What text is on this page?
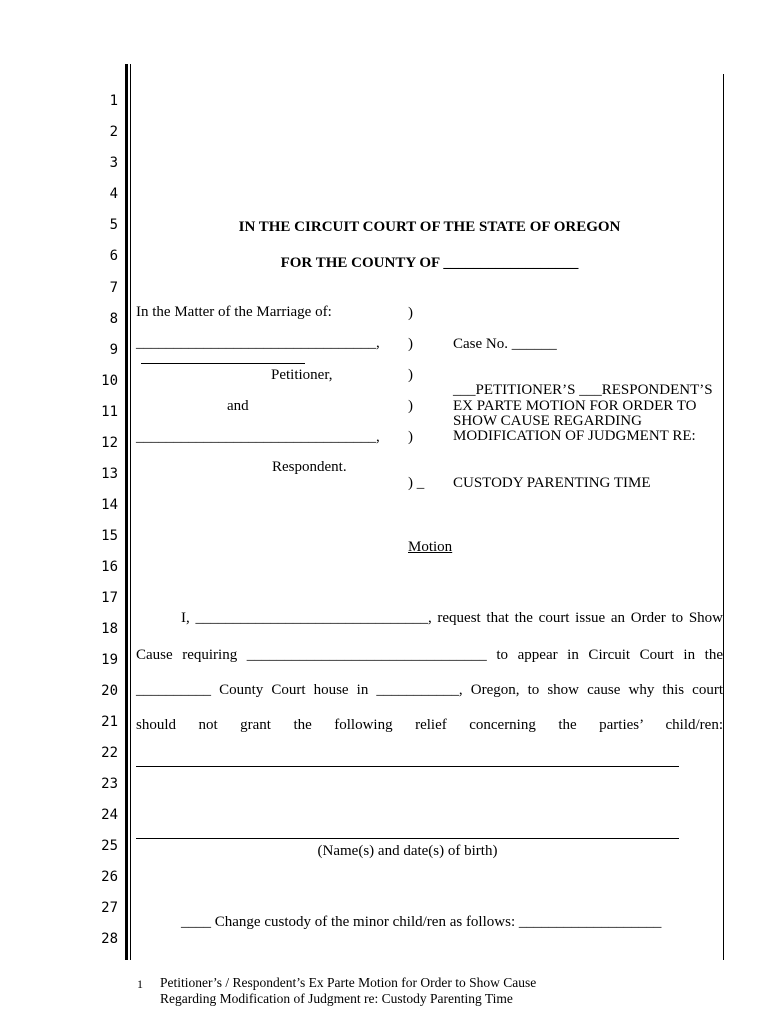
1
2
3
4
5
6
7
8
9
10
11
12
13
14
15
16
17
18
19
20
21
22
23
24
25
26
27
28
IN THE CIRCUIT COURT OF THE STATE OF OREGON
FOR THE COUNTY OF __________________
In the Matter of the Marriage of:
________________________________,
Petitioner,
and
________________________________,
Respondent.
)
)
)
)
)
) _
Case No. ______
___PETITIONER’S ___RESPONDENT’S
EX PARTE MOTION FOR ORDER TO
SHOW CAUSE REGARDING
MODIFICATION OF JUDGMENT RE:
CUSTODY PARENTING TIME
Motion
I, _______________________________, request that the court issue an Order to Show
Cause requiring ________________________________ to appear in Circuit Court in the
__________ County Court house in ___________, Oregon, to show cause why this court
should not grant the following relief concerning the parties’ child/ren:
(Name(s) and date(s) of birth)
____ Change custody of the minor child/ren as follows: ___________________
1 Petitioner’s / Respondent’s Ex Parte Motion for Order to Show Cause
Regarding Modification of Judgment re: Custody Parenting Time
